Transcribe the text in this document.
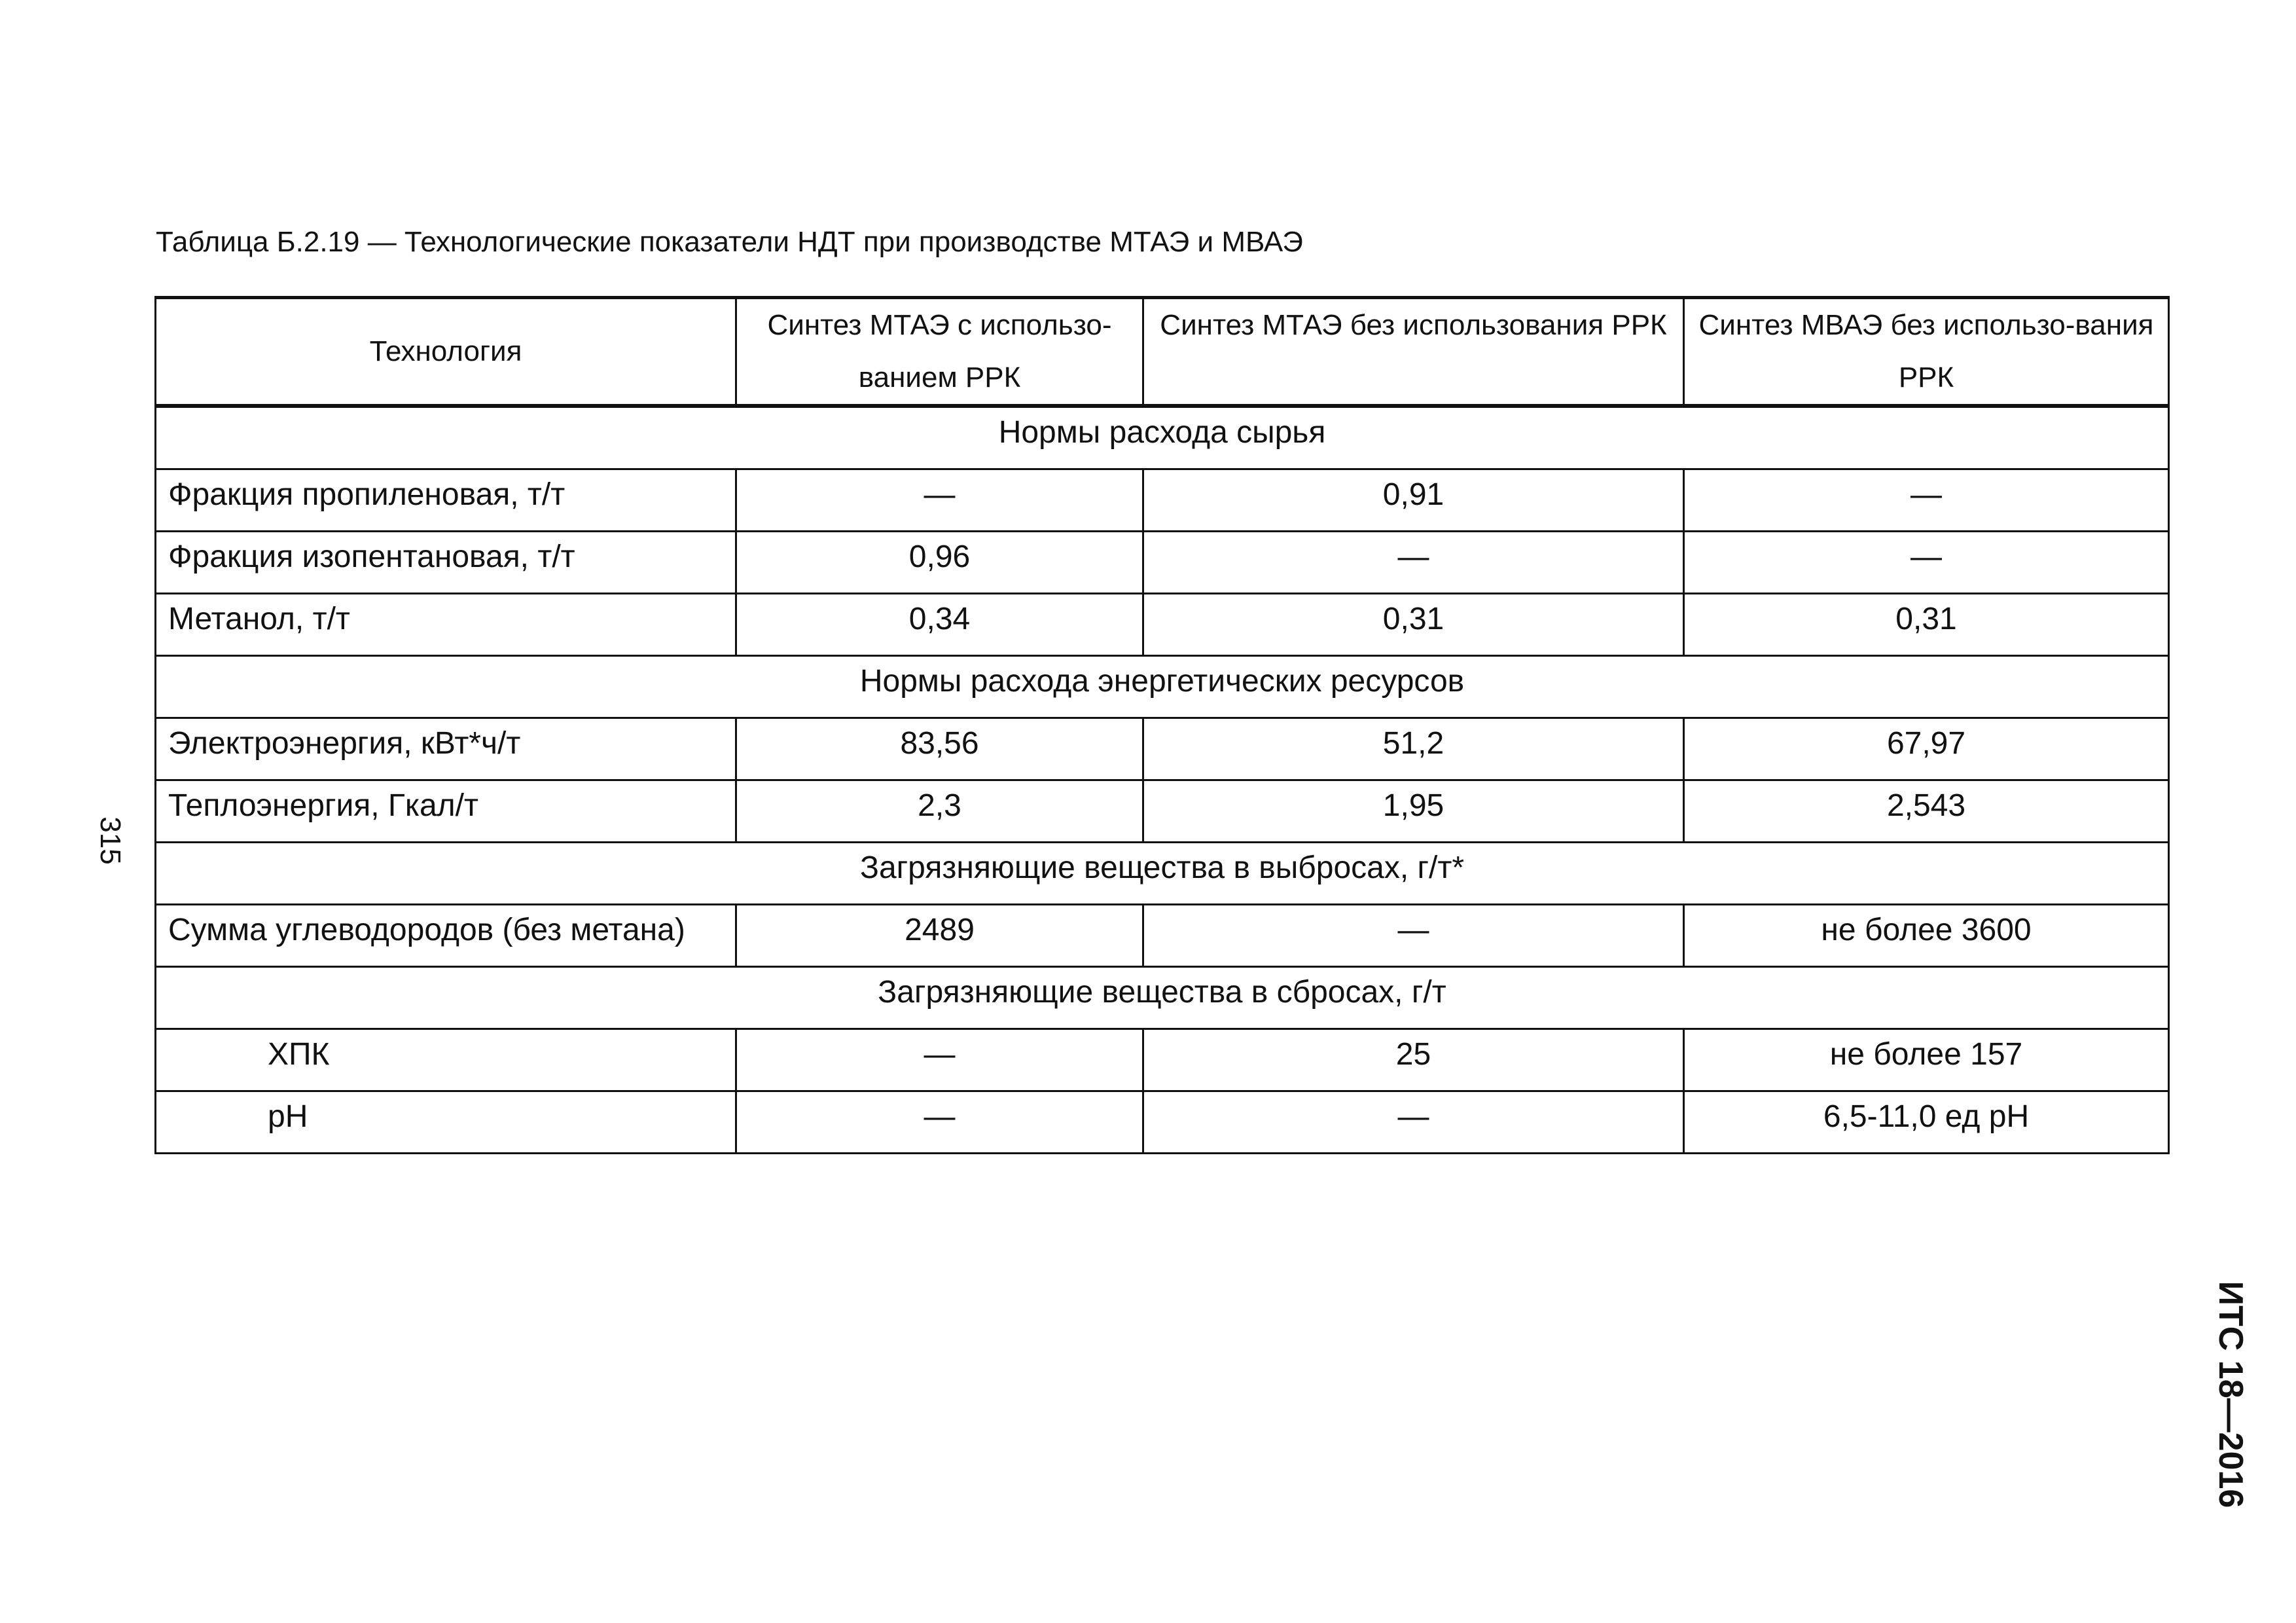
Таблица Б.2.19 — Технологические показатели НДТ при производстве МТАЭ и МВАЭ
Технология	Синтез МТАЭ с использо-ванием РРК	Синтез МТАЭ без использования РРК	Синтез МВАЭ без использо-вания РРК
Нормы расхода сырья			
Фракция пропиленовая, т/т	—	0,91	—
Фракция изопентановая, т/т	0,96	—	—
Метанол, т/т	0,34	0,31	0,31
Нормы расхода энергетических ресурсов			
Электроэнергия, кВт*ч/т	83,56	51,2	67,97
Теплоэнергия, Гкал/т	2,3	1,95	2,543
Загрязняющие вещества в выбросах, г/т*			
Сумма углеводородов (без метана)	2489	—	не более 3600
Загрязняющие вещества в сбросах, г/т			
ХПК	—	25	не более 157
pH	—	—	6,5-11,0 ед pH
315
ИТС 18—2016
